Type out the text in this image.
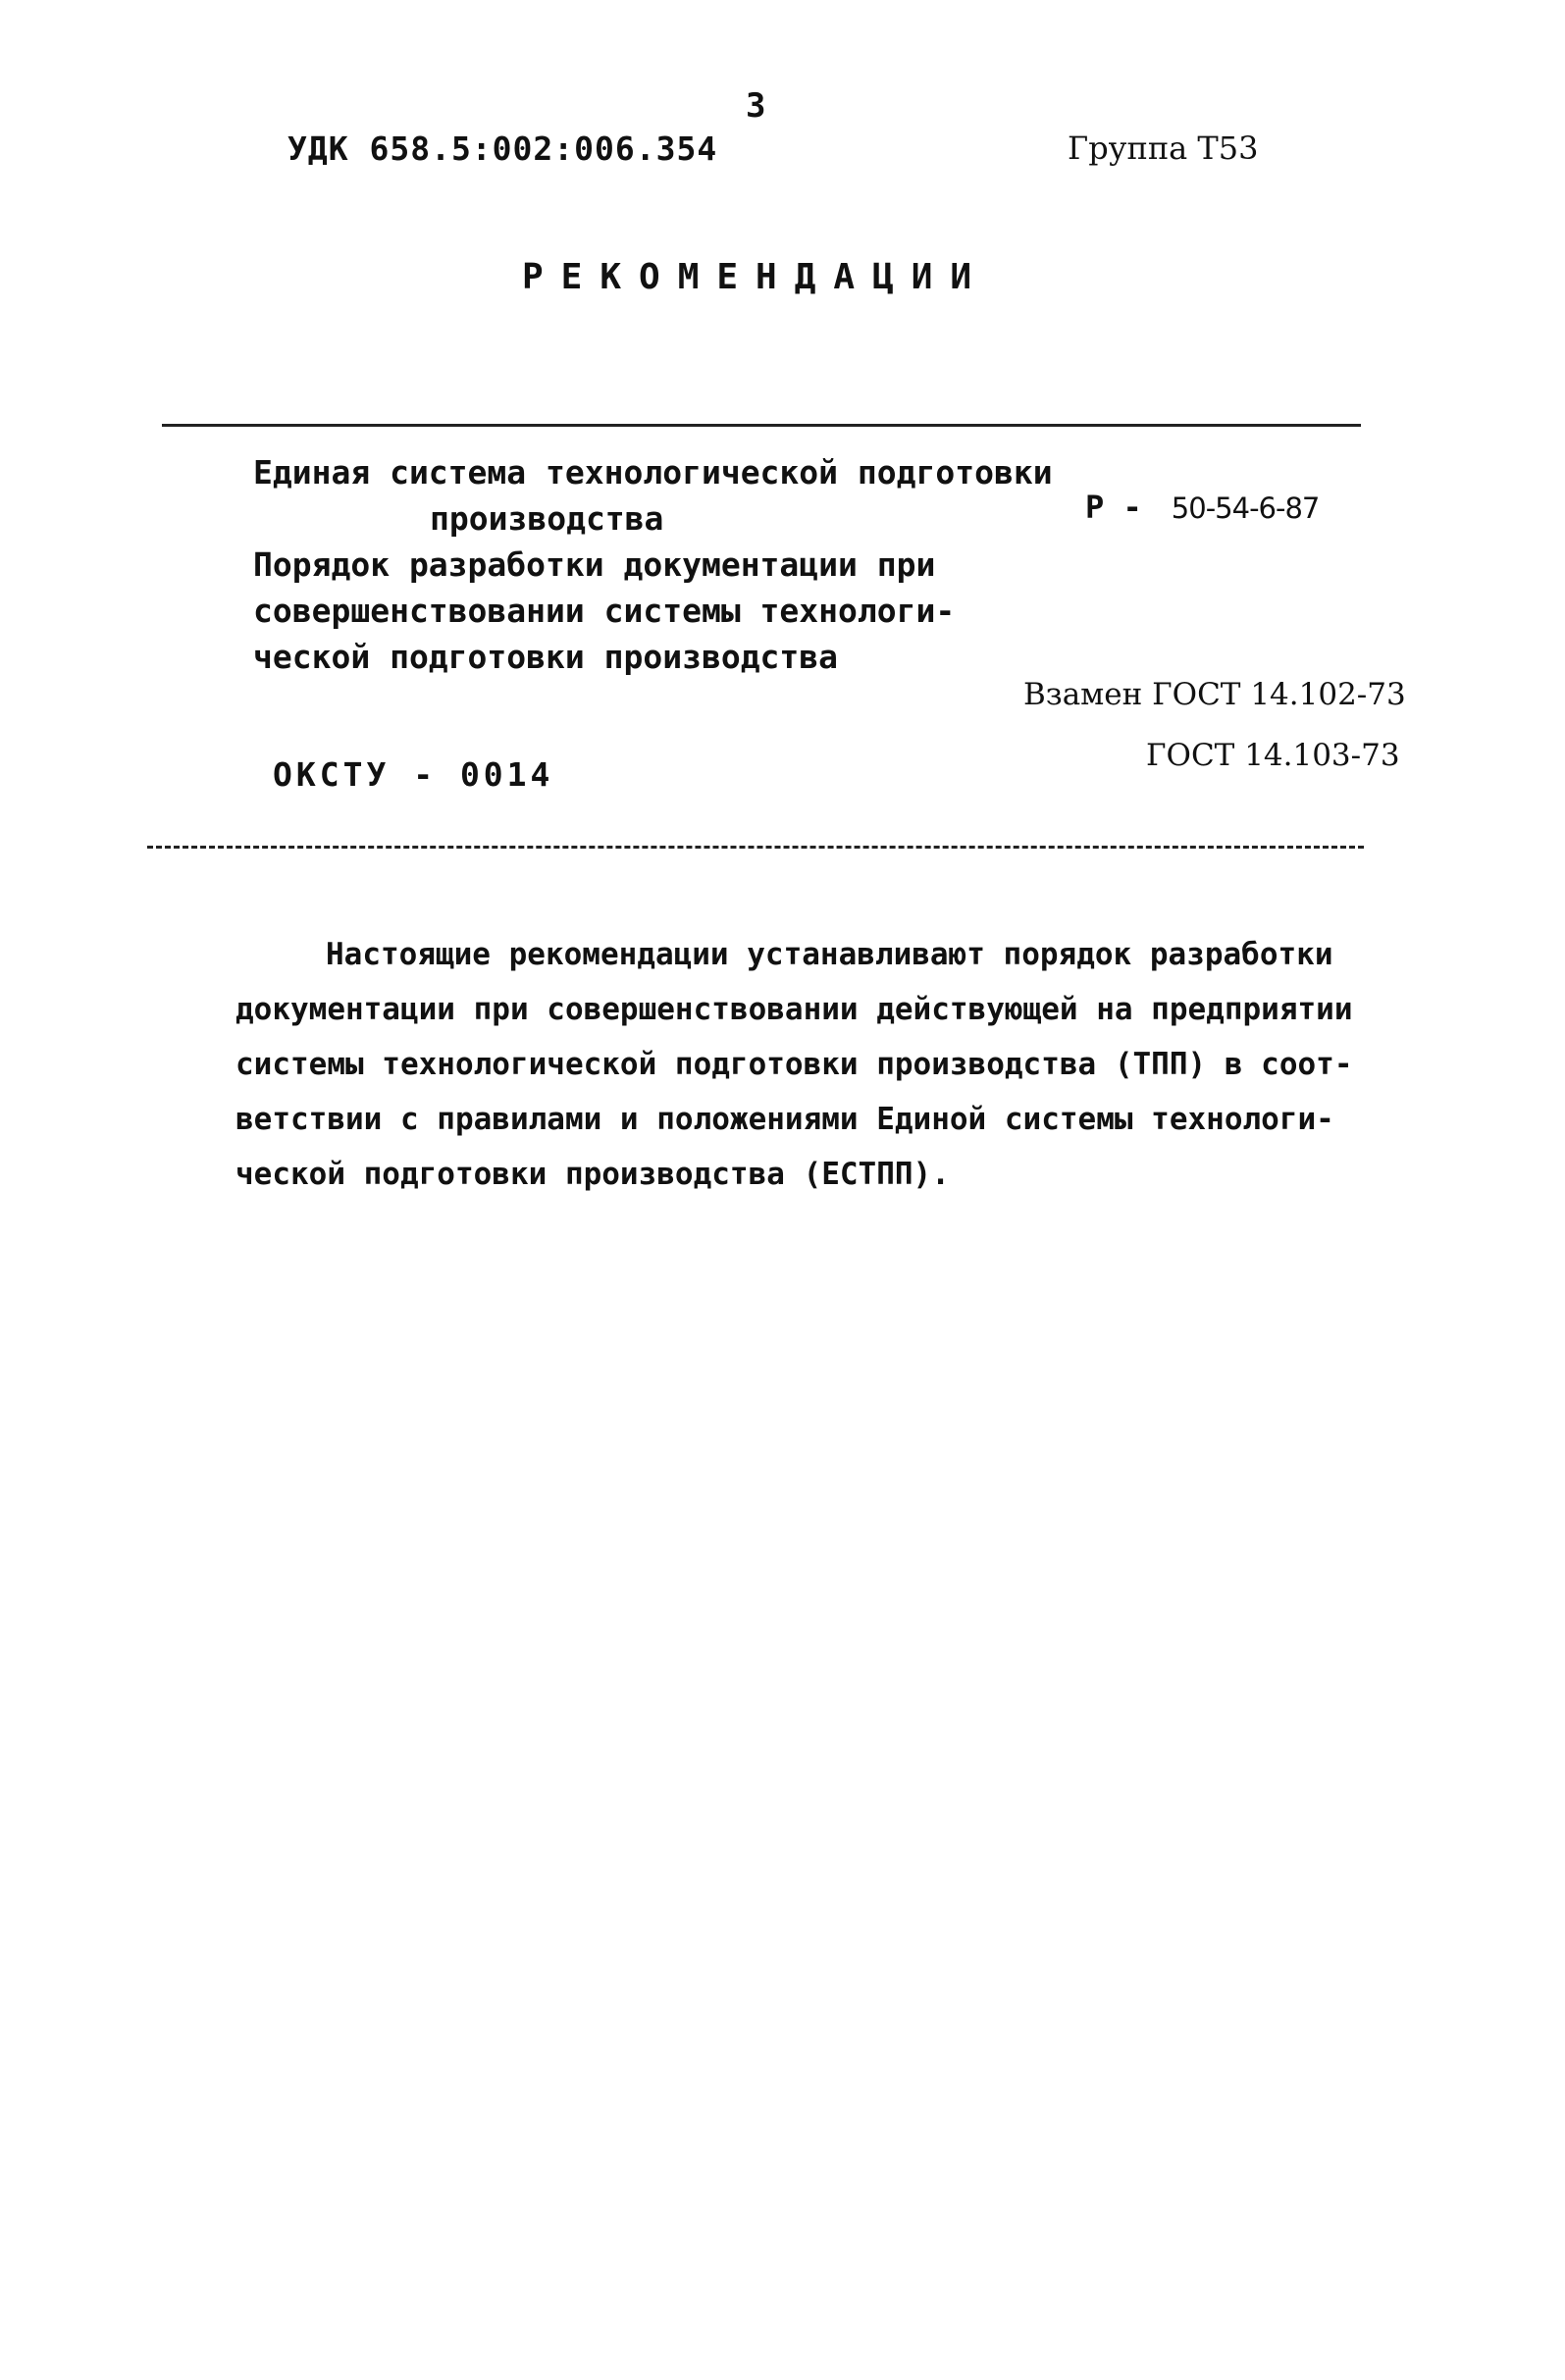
3
УДК 658.5:002:006.354	Группа Т53
РЕКОМЕНДАЦИИ
Единая система технологической подготовки
производства
Порядок разработки документации при
совершенствовании системы технологи-
ческой подготовки производства
Р - 50-54-6-87
Взамен ГОСТ 14.102-73
ГОСТ 14.103-73
ОКСТУ - 0014
Настоящие рекомендации устанавливают порядок разработки
документации при совершенствовании действующей на предприятии
системы технологической подготовки производства (ТПП) в соот-
ветствии с правилами и положениями Единой системы технологи-
ческой подготовки производства (ЕСТПП).
